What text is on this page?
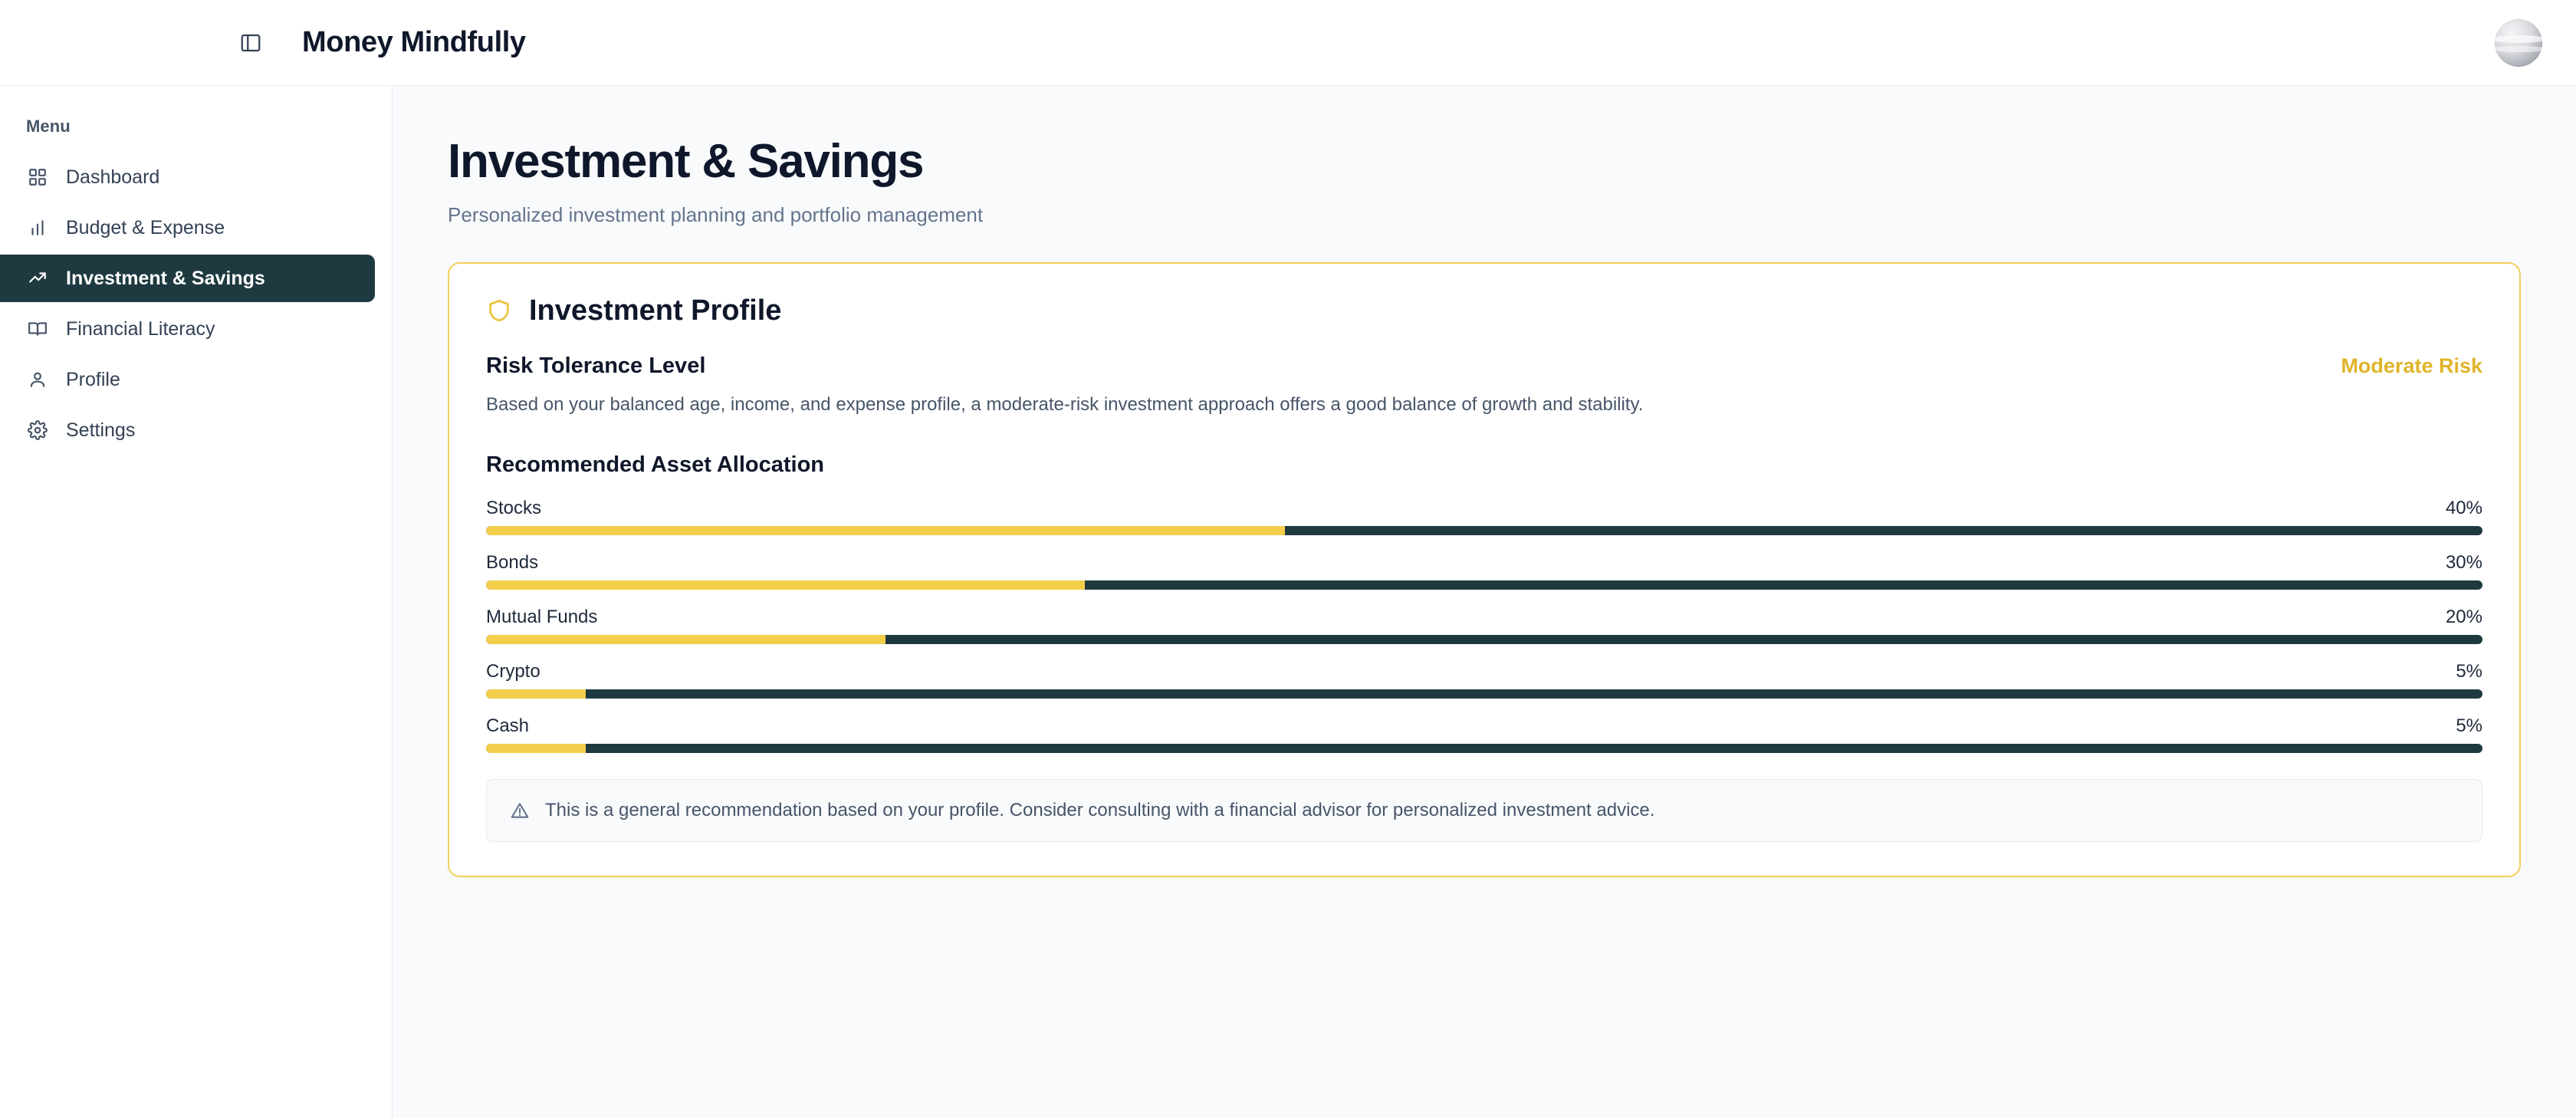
Money Mindfully
Menu
Dashboard
Budget & Expense
Investment & Savings
Financial Literacy
Profile
Settings
Investment & Savings
Personalized investment planning and portfolio management
Investment Profile
Risk Tolerance Level	Moderate Risk
Based on your balanced age, income, and expense profile, a moderate-risk investment approach offers a good balance of growth and stability.
Recommended Asset Allocation
Stocks	40%
Bonds	30%
Mutual Funds	20%
Crypto	5%
Cash	5%
This is a general recommendation based on your profile. Consider consulting with a financial advisor for personalized investment advice.
